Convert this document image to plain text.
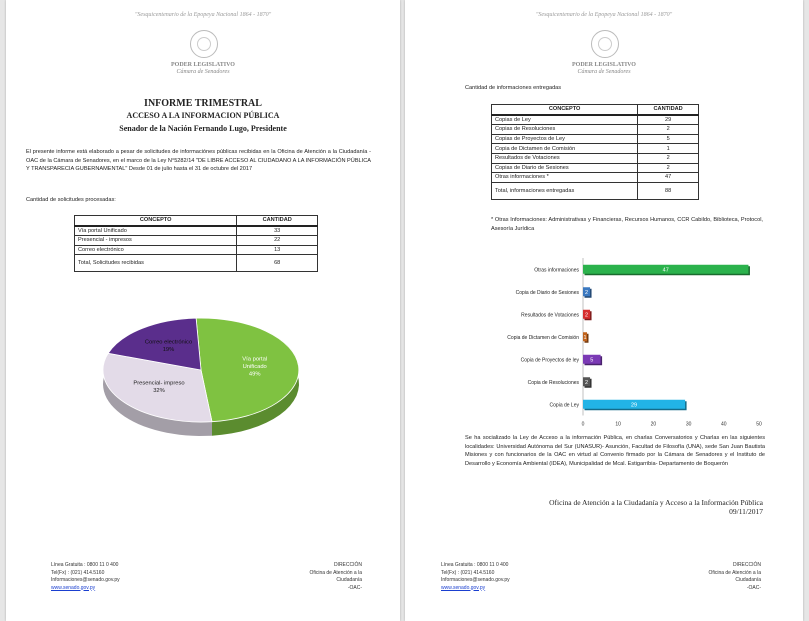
"Sesquicentenario de la Epopeya Nacional 1864 - 1870"
PODER LEGISLATIVO
Cámara de Senadores
INFORME TRIMESTRAL
ACCESO A LA INFORMACION PÚBLICA
Senador de la Nación Fernando Lugo, Presidente
El presente informe está elaborado a pesar de solicitudes de informaciónes públicas recibidas en la Oficina de Atención a la Ciudadanía -OAC de la Cámara de Senadores, en el marco de la Ley N°5282/14 "DE LIBRE ACCESO AL CIUDADANO A LA INFORMACIÓN PÚBLICA Y TRANSPARECIA GUBERNAMENTAL" Desde 01 de julio hasta el 31 de octubre del 2017
Cantidad de solicitudes procesadas:
CONCEPTO	CANTIDAD
Vía portal Unificado	33
Presencial - impresos	22
Correo electrónico	13
Total, Solicitudes recibidas	68
Vía portal
Unificado
49%
Presencial- impreso
32%
Correo electrónico
19%
Línea Gratuita : 0800 11 0 400
Tel(Fx) : (021) 414.5160
Informaciones@senado.gov.py
www.senado.gov.py
DIRECCIÓN
Oficina de Atención a la
Ciudadanía
-OAC-
"Sesquicentenario de la Epopeya Nacional 1864 - 1870"
PODER LEGISLATIVO
Cámara de Senadores
Cantidad de informaciones entregadas
CONCEPTO	CANTIDAD
Copias de Ley	29
Copias de Resoluciones	2
Copias de Proyectos de Ley	5
Copia de Dictamen de Comisión	1
Resultados de Votaciones	2
Copias de Diario de Sesiones	2
Otras informaciones *	47
Total, informaciones entregadas	88
* Otras Informaciones: Administrativas y Financieras, Recursos Humanos, CCR Cabildo, Biblioteca, Protocol, Asesoría Jurídica
Otras informaciones	47
Copia de Diario de Sesiones 2
Resultados de Votaciones 2
Copia de Dictamen de Comisión 1
Copia de Proyectos de ley 5
Copia de Resoluciones 2
Copia de Ley	29
0	10	20	30	40	50
Se ha socializado la Ley de Acceso a la información Pública, en charlas Conversatorios y Charlas en las siguientes localidades: Universidad Autónoma del Sur (UNASUR)- Asunción, Facultad de Filosofía (UNA), sede San Juan Bautista Misiones y con funcionarios de la OAC en virtud al Convenio firmado por la Cámara de Senadores y el Instituto de Desarrollo y Economía Ambiental (IDEA), Municipalidad de Mcal. Estigarribia- Departamento de Boquerón
Oficina de Atención a la Ciudadanía y Acceso a la Información Pública
09/11/2017
Línea Gratuita : 0800 11 0 400
Tel(Fx) : (021) 414.5160
Informaciones@senado.gov.py
www.senado.gov.py
DIRECCIÓN
Oficina de Atención a la
Ciudadanía
-OAC-
